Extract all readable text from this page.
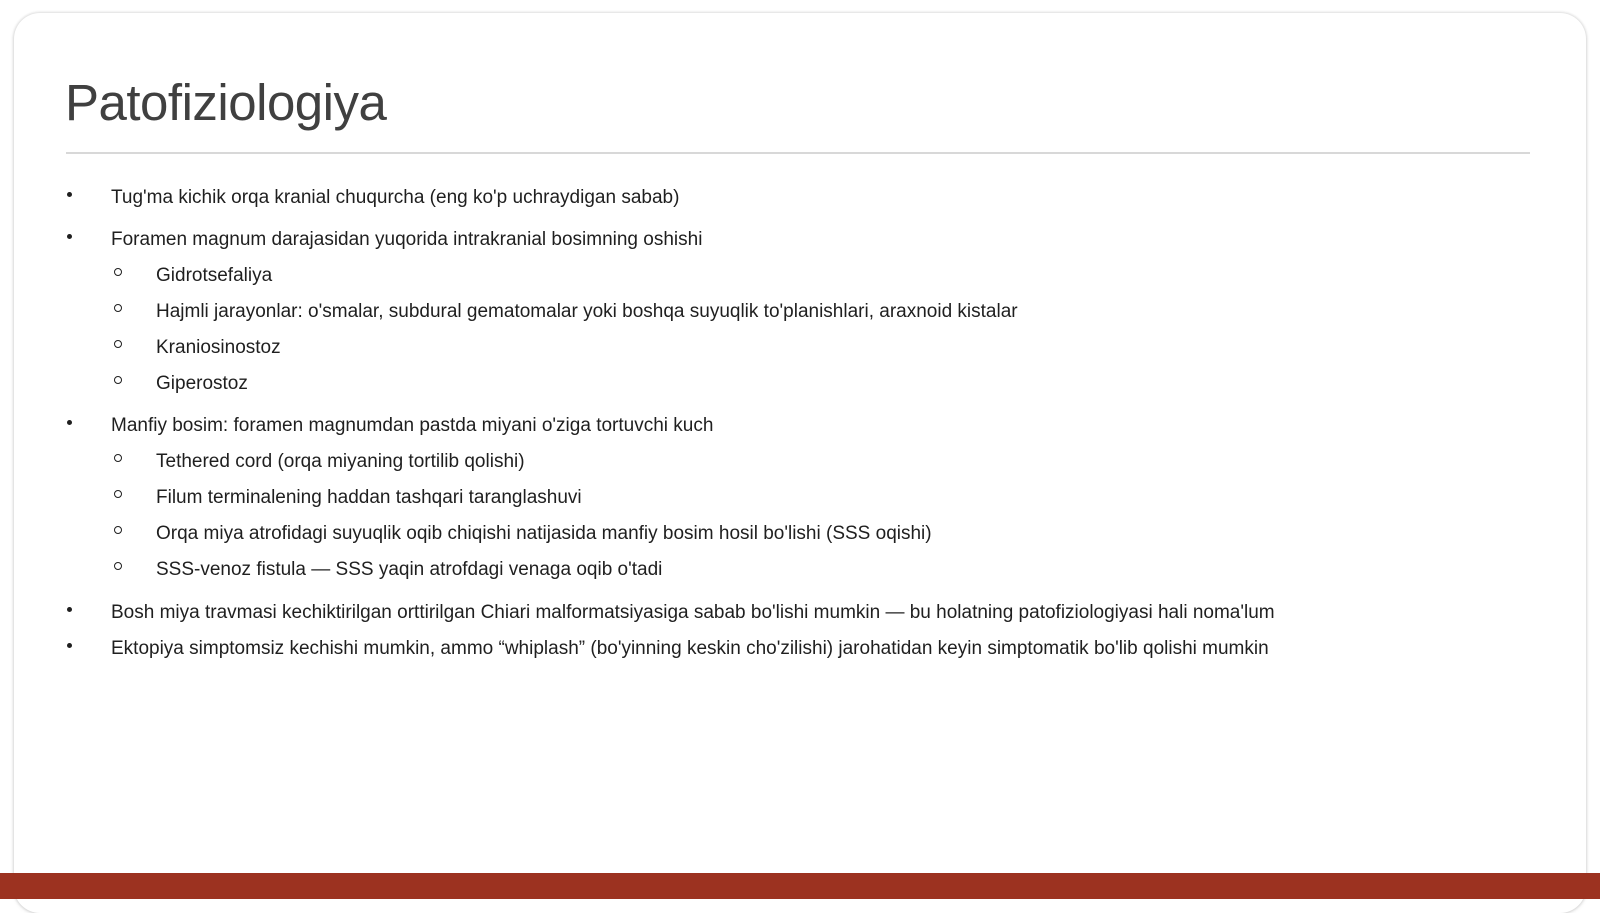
Patofiziologiya
Tug'ma kichik orqa kranial chuqurcha (eng ko'p uchraydigan sabab)
Foramen magnum darajasidan yuqorida intrakranial bosimning oshishi
Gidrotsefaliya
Hajmli jarayonlar: o'smalar, subdural gematomalar yoki boshqa suyuqlik to'planishlari, araxnoid kistalar
Kraniosinostoz
Giperostoz
Manfiy bosim: foramen magnumdan pastda miyani o'ziga tortuvchi kuch
Tethered cord (orqa miyaning tortilib qolishi)
Filum terminalening haddan tashqari taranglashuvi
Orqa miya atrofidagi suyuqlik oqib chiqishi natijasida manfiy bosim hosil bo'lishi (SSS oqishi)
SSS-venoz fistula — SSS yaqin atrofdagi venaga oqib o'tadi
Bosh miya travmasi kechiktirilgan orttirilgan Chiari malformatsiyasiga sabab bo'lishi mumkin — bu holatning patofiziologiyasi hali noma'lum
Ektopiya simptomsiz kechishi mumkin, ammo “whiplash” (bo'yinning keskin cho'zilishi) jarohatidan keyin simptomatik bo'lib qolishi mumkin
